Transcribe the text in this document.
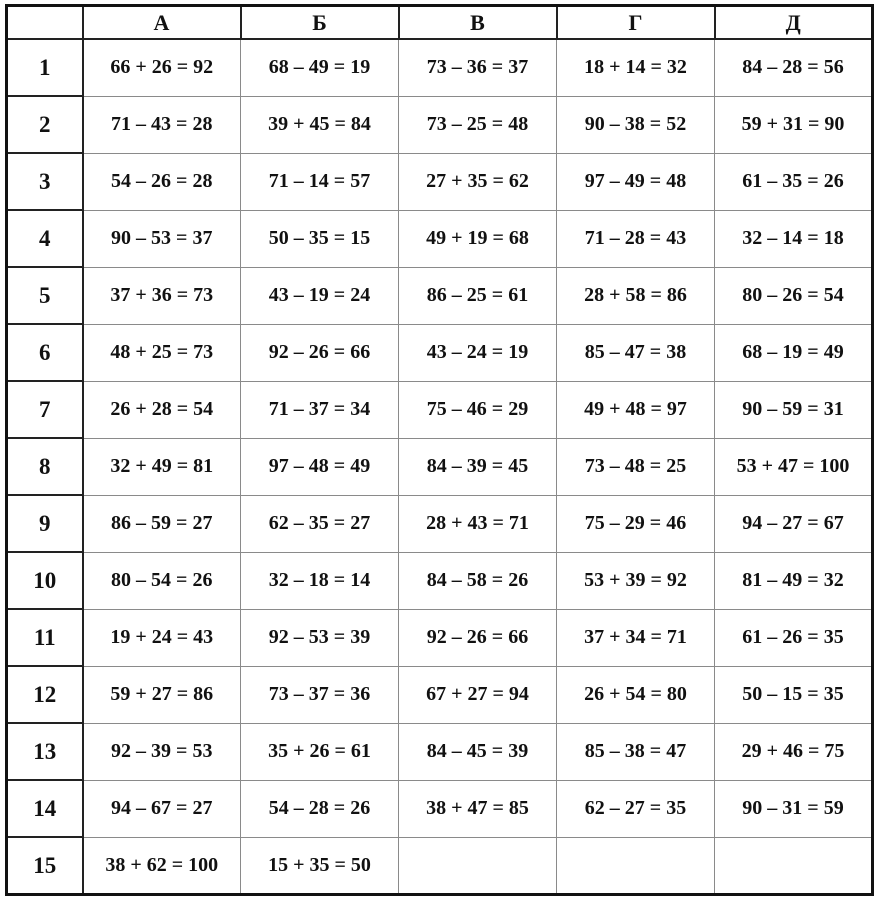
	А	Б	В	Г	Д
1	66 + 26 = 92	68 – 49 = 19	73 – 36 = 37	18 + 14 = 32	84 – 28 = 56
2	71 – 43 = 28	39 + 45 = 84	73 – 25 = 48	90 – 38 = 52	59 + 31 = 90
3	54 – 26 = 28	71 – 14 = 57	27 + 35 = 62	97 – 49 = 48	61 – 35 = 26
4	90 – 53 = 37	50 – 35 = 15	49 + 19 = 68	71 – 28 = 43	32 – 14 = 18
5	37 + 36 = 73	43 – 19 = 24	86 – 25 = 61	28 + 58 = 86	80 – 26 = 54
6	48 + 25 = 73	92 – 26 = 66	43 – 24 = 19	85 – 47 = 38	68 – 19 = 49
7	26 + 28 = 54	71 – 37 = 34	75 – 46 = 29	49 + 48 = 97	90 – 59 = 31
8	32 + 49 = 81	97 – 48 = 49	84 – 39 = 45	73 – 48 = 25	53 + 47 = 100
9	86 – 59 = 27	62 – 35 = 27	28 + 43 = 71	75 – 29 = 46	94 – 27 = 67
10	80 – 54 = 26	32 – 18 = 14	84 – 58 = 26	53 + 39 = 92	81 – 49 = 32
11	19 + 24 = 43	92 – 53 = 39	92 – 26 = 66	37 + 34 = 71	61 – 26 = 35
12	59 + 27 = 86	73 – 37 = 36	67 + 27 = 94	26 + 54 = 80	50 – 15 = 35
13	92 – 39 = 53	35 + 26 = 61	84 – 45 = 39	85 – 38 = 47	29 + 46 = 75
14	94 – 67 = 27	54 – 28 = 26	38 + 47 = 85	62 – 27 = 35	90 – 31 = 59
15	38 + 62 = 100	15 + 35 = 50			
